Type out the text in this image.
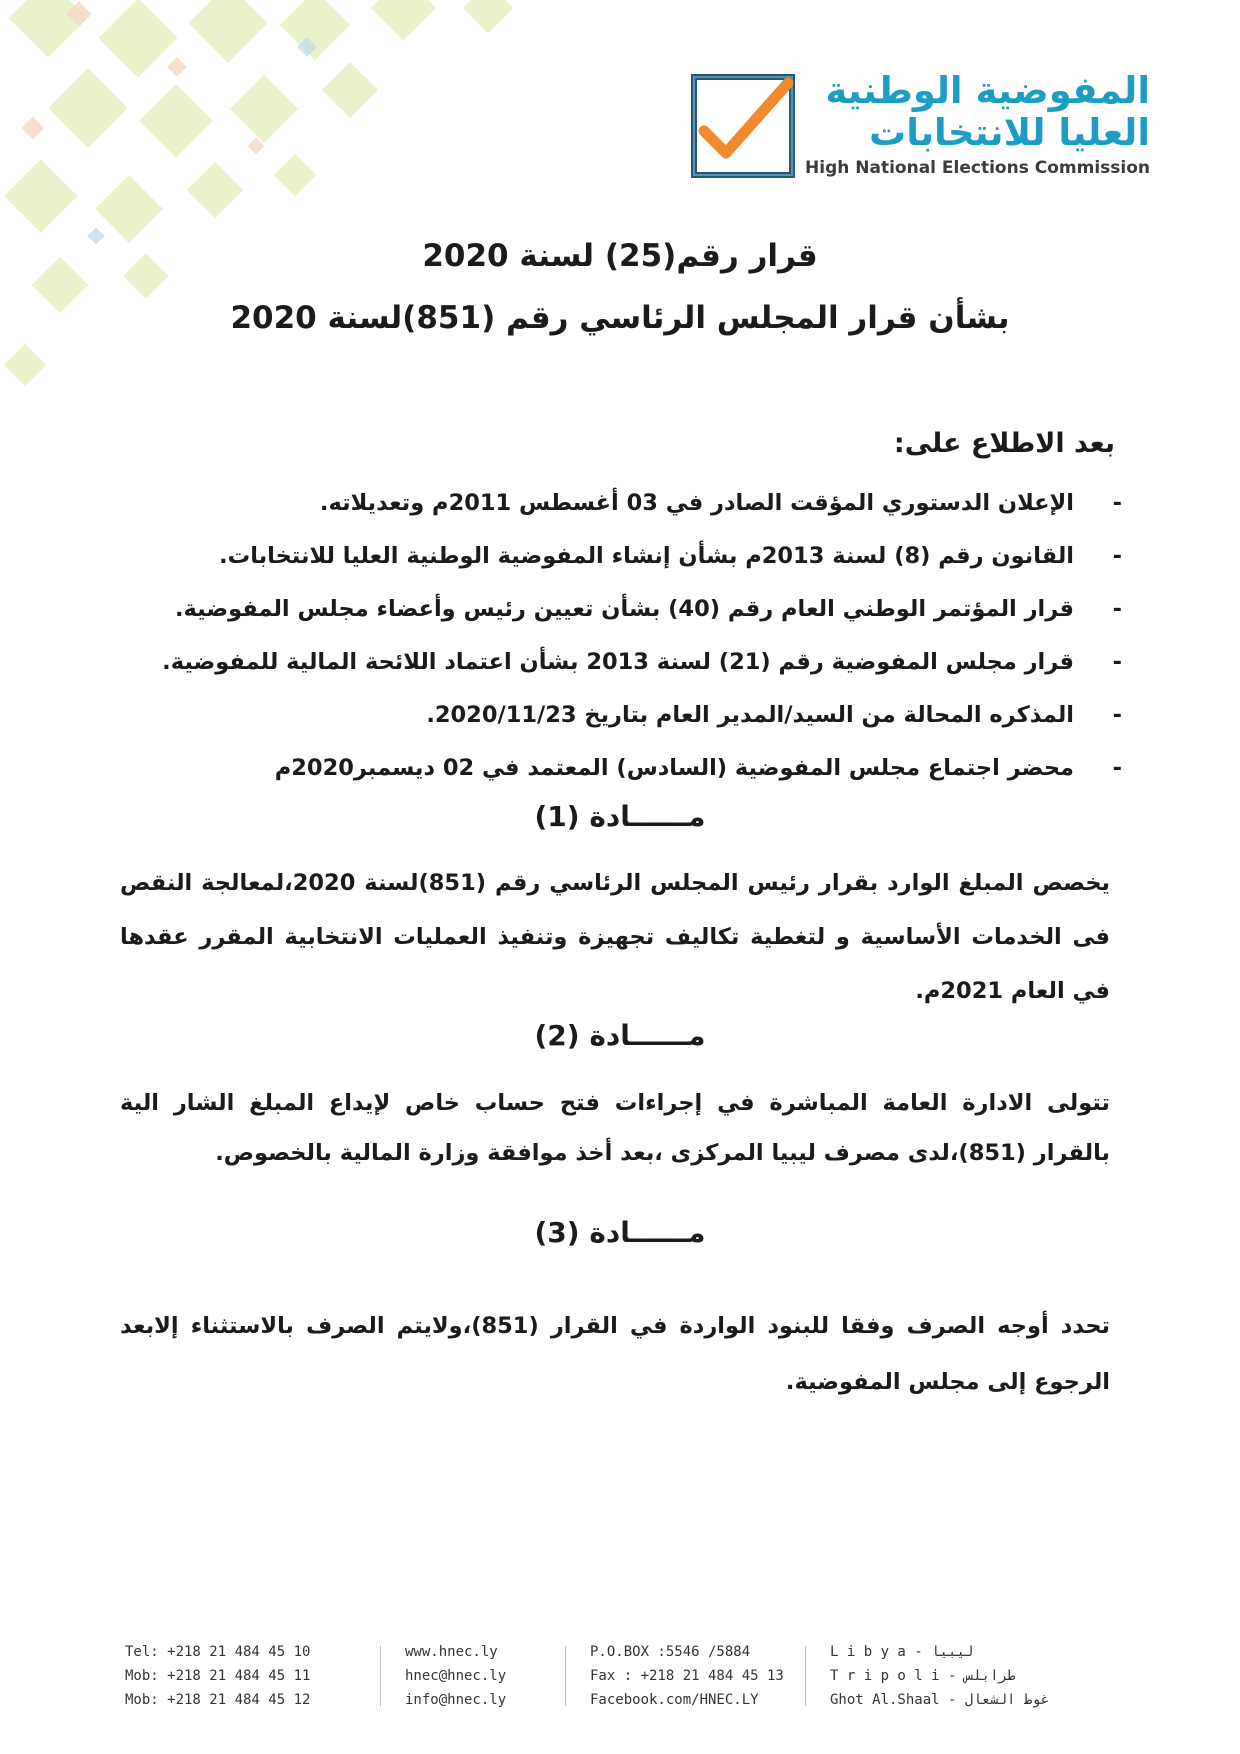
المفوضية الوطنية
العليا للانتخابات
High National Elections Commission
قرار رقم(25) لسنة 2020
بشأن قرار المجلس الرئاسي رقم (851)لسنة 2020
بعد الاطلاع على:
-
الإعلان الدستوري المؤقت الصادر في 03 أغسطس 2011م وتعديلاته.
-
القانون رقم (8) لسنة 2013م بشأن إنشاء المفوضية الوطنية العليا للانتخابات.
-
قرار المؤتمر الوطني العام رقم (40) بشأن تعيين رئيس وأعضاء مجلس المفوضية.
-
قرار مجلس المفوضية رقم (21) لسنة 2013 بشأن اعتماد اللائحة المالية للمفوضية.
-
المذكره المحالة من السيد/المدير العام بتاريخ 2020/11/23.
-
محضر اجتماع مجلس المفوضية (السادس) المعتمد في 02 ديسمبر2020م
مــــــادة (1)
يخصص المبلغ الوارد بقرار رئيس المجلس الرئاسي رقم (851)لسنة 2020،لمعالجة النقص فى الخدمات الأساسية و لتغطية تكاليف تجهيزة وتنفيذ العمليات الانتخابية المقرر عقدها في العام 2021م.
مــــــادة (2)
تتولى الادارة العامة المباشرة في إجراءات فتح حساب خاص لإيداع المبلغ الشار الية بالقرار (851)،لدى مصرف ليبيا المركزى ،بعد أخذ موافقة وزارة المالية بالخصوص.
مــــــادة (3)
تحدد أوجه الصرف وفقا للبنود الواردة في القرار (851)،ولايتم الصرف بالاستثناء إلابعد الرجوع إلى مجلس المفوضية.
Tel: +218 21 484 45 10
Mob: +218 21 484 45 11
Mob: +218 21 484 45 12
www.hnec.ly
hnec@hnec.ly
info@hnec.ly
P.O.BOX :5546 /5884
Fax : +218 21 484 45 13
Facebook.com/HNEC.LY
L i b y a - ليبيا
T r i p o l i - طرابلس
Ghot Al.Shaal - غوط الشعال
